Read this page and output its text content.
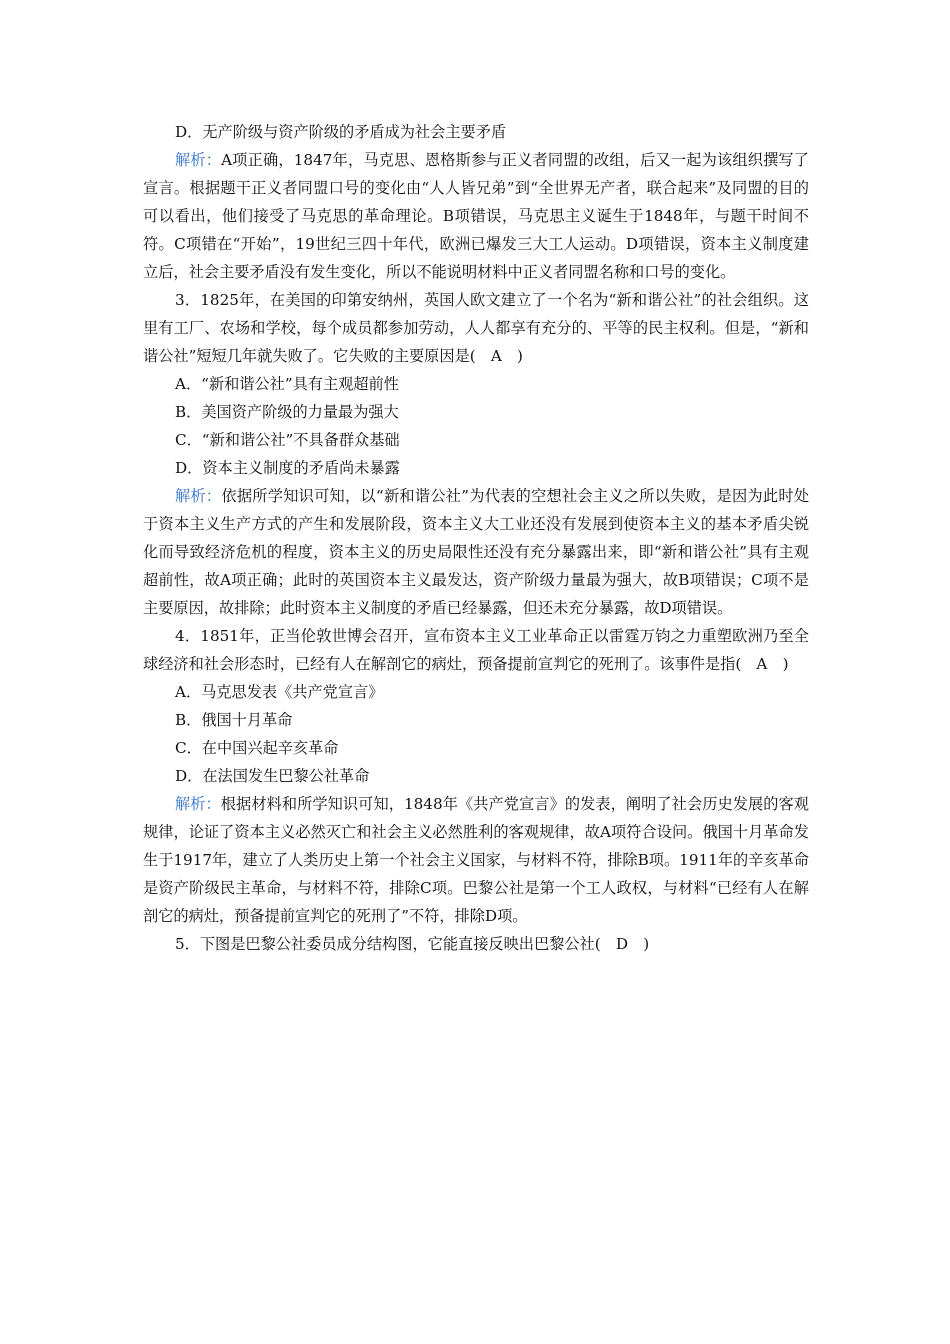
D．无产阶级与资产阶级的矛盾成为社会主要矛盾

解析：A项正确，1847年，马克思、恩格斯参与正义者同盟的改组，后又一起为该组织撰写了宣言。根据题干正义者同盟口号的变化由“人人皆兄弟”到“全世界无产者，联合起来”及同盟的目的可以看出，他们接受了马克思的革命理论。B项错误，马克思主义诞生于1848年，与题干时间不符。C项错在“开始”，19世纪三四十年代，欧洲已爆发三大工人运动。D项错误，资本主义制度建立后，社会主要矛盾没有发生变化，所以不能说明材料中正义者同盟名称和口号的变化。

3．1825年，在美国的印第安纳州，英国人欧文建立了一个名为“新和谐公社”的社会组织。这里有工厂、农场和学校，每个成员都参加劳动，人人都享有充分的、平等的民主权利。但是，“新和谐公社”短短几年就失败了。它失败的主要原因是(　A　)

A．“新和谐公社”具有主观超前性

B．美国资产阶级的力量最为强大

C．“新和谐公社”不具备群众基础

D．资本主义制度的矛盾尚未暴露

解析：依据所学知识可知，以“新和谐公社”为代表的空想社会主义之所以失败，是因为此时处于资本主义生产方式的产生和发展阶段，资本主义大工业还没有发展到使资本主义的基本矛盾尖锐化而导致经济危机的程度，资本主义的历史局限性还没有充分暴露出来，即“新和谐公社”具有主观超前性，故A项正确；此时的英国资本主义最发达，资产阶级力量最为强大，故B项错误；C项不是主要原因，故排除；此时资本主义制度的矛盾已经暴露，但还未充分暴露，故D项错误。

4．1851年，正当伦敦世博会召开，宣布资本主义工业革命正以雷霆万钧之力重塑欧洲乃至全球经济和社会形态时，已经有人在解剖它的病灶，预备提前宣判它的死刑了。该事件是指(　A　)

A．马克思发表《共产党宣言》

B．俄国十月革命

C．在中国兴起辛亥革命

D．在法国发生巴黎公社革命

解析：根据材料和所学知识可知，1848年《共产党宣言》的发表，阐明了社会历史发展的客观规律，论证了资本主义必然灭亡和社会主义必然胜利的客观规律，故A项符合设问。俄国十月革命发生于1917年，建立了人类历史上第一个社会主义国家，与材料不符，排除B项。1911年的辛亥革命是资产阶级民主革命，与材料不符，排除C项。巴黎公社是第一个工人政权，与材料“已经有人在解剖它的病灶，预备提前宣判它的死刑了”不符，排除D项。

5．下图是巴黎公社委员成分结构图，它能直接反映出巴黎公社(　D　)
